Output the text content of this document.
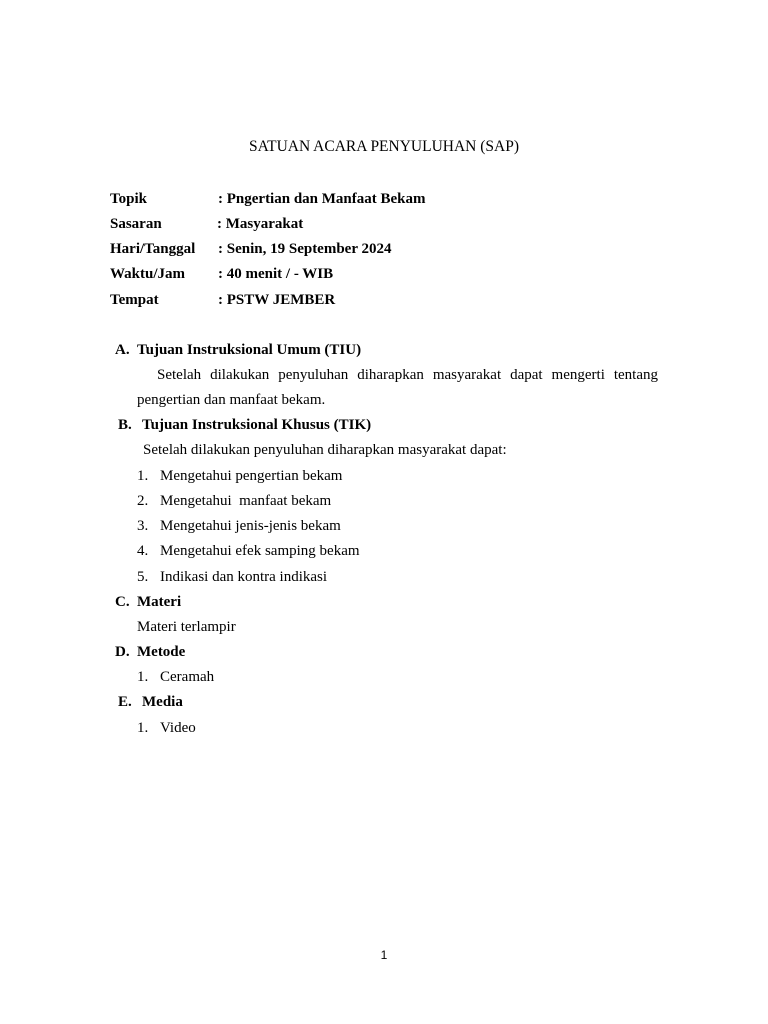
SATUAN ACARA PENYULUHAN (SAP)
Topik	: Pngertian dan Manfaat Bekam
Sasaran	: Masyarakat
Hari/Tanggal : Senin, 19 September 2024
Waktu/Jam : 40 menit / - WIB
Tempat	: PSTW JEMBER
A. Tujuan Instruksional Umum (TIU)
Setelah dilakukan penyuluhan diharapkan masyarakat dapat mengerti tentang
pengertian dan manfaat bekam.
B. Tujuan Instruksional Khusus (TIK)
Setelah dilakukan penyuluhan diharapkan masyarakat dapat:
1. Mengetahui pengertian bekam
2. Mengetahui  manfaat bekam
3. Mengetahui jenis-jenis bekam
4. Mengetahui efek samping bekam
5. Indikasi dan kontra indikasi
C. Materi
Materi terlampir
D. Metode
1. Ceramah
E. Media
1. Video
1
